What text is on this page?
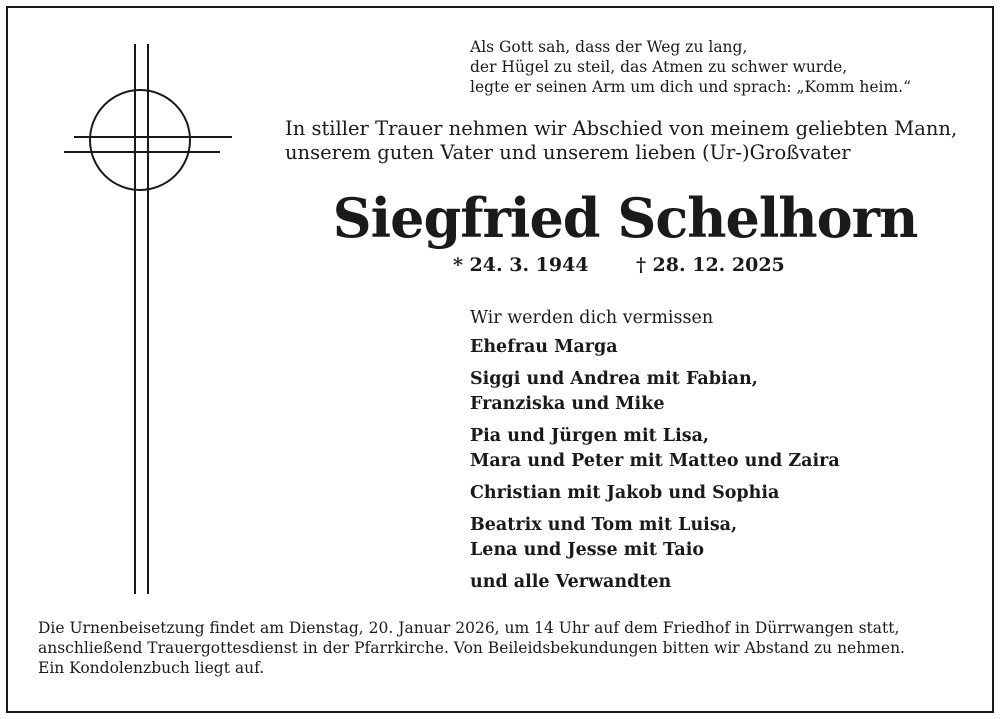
Als Gott sah, dass der Weg zu lang,
der Hügel zu steil, das Atmen zu schwer wurde,
legte er seinen Arm um dich und sprach: „Komm heim.“
In stiller Trauer nehmen wir Abschied von meinem geliebten Mann,
unserem guten Vater und unserem lieben (Ur-)Großvater
Siegfried Schelhorn
* 24. 3. 1944 † 28. 12. 2025
Wir werden dich vermissen
Ehefrau Marga
Siggi und Andrea mit Fabian,
Franziska und Mike
Pia und Jürgen mit Lisa,
Mara und Peter mit Matteo und Zaira
Christian mit Jakob und Sophia
Beatrix und Tom mit Luisa,
Lena und Jesse mit Taio
und alle Verwandten
Die Urnenbeisetzung findet am Dienstag, 20. Januar 2026, um 14 Uhr auf dem Friedhof in Dürrwangen statt,
anschließend Trauergottesdienst in der Pfarrkirche. Von Beileidsbekundungen bitten wir Abstand zu nehmen.
Ein Kondolenzbuch liegt auf.
